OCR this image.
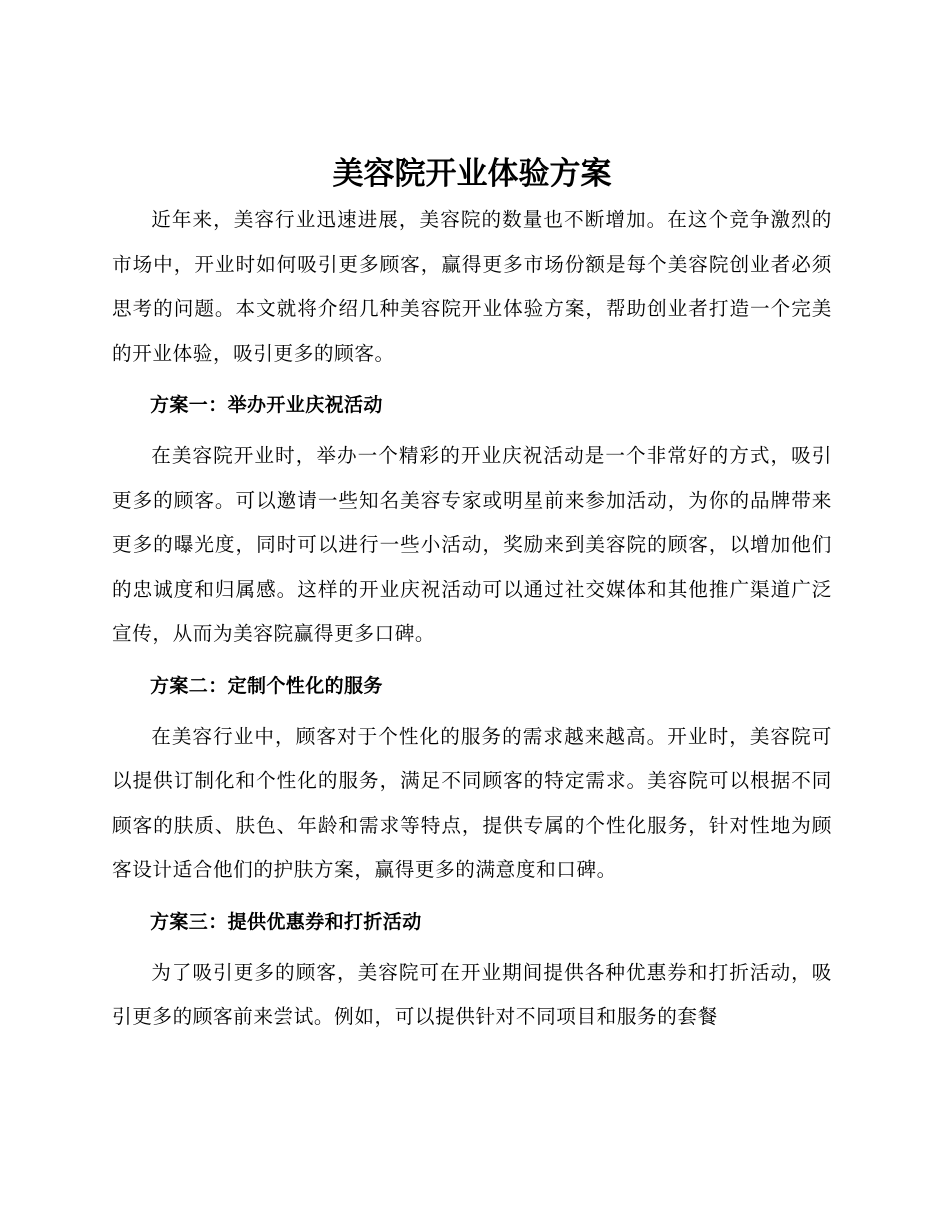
美容院开业体验方案

近年来，美容行业迅速进展，美容院的数量也不断增加。在这个竞争激烈的市场中，开业时如何吸引更多顾客，赢得更多市场份额是每个美容院创业者必须思考的问题。本文就将介绍几种美容院开业体验方案，帮助创业者打造一个完美的开业体验，吸引更多的顾客。

方案一：举办开业庆祝活动

在美容院开业时，举办一个精彩的开业庆祝活动是一个非常好的方式，吸引更多的顾客。可以邀请一些知名美容专家或明星前来参加活动，为你的品牌带来更多的曝光度，同时可以进行一些小活动，奖励来到美容院的顾客，以增加他们的忠诚度和归属感。这样的开业庆祝活动可以通过社交媒体和其他推广渠道广泛宣传，从而为美容院赢得更多口碑。

方案二：定制个性化的服务

在美容行业中，顾客对于个性化的服务的需求越来越高。开业时，美容院可以提供订制化和个性化的服务，满足不同顾客的特定需求。美容院可以根据不同顾客的肤质、肤色、年龄和需求等特点，提供专属的个性化服务，针对性地为顾客设计适合他们的护肤方案，赢得更多的满意度和口碑。

方案三：提供优惠券和打折活动

为了吸引更多的顾客，美容院可在开业期间提供各种优惠券和打折活动，吸引更多的顾客前来尝试。例如，可以提供针对不同项目和服务的套餐
